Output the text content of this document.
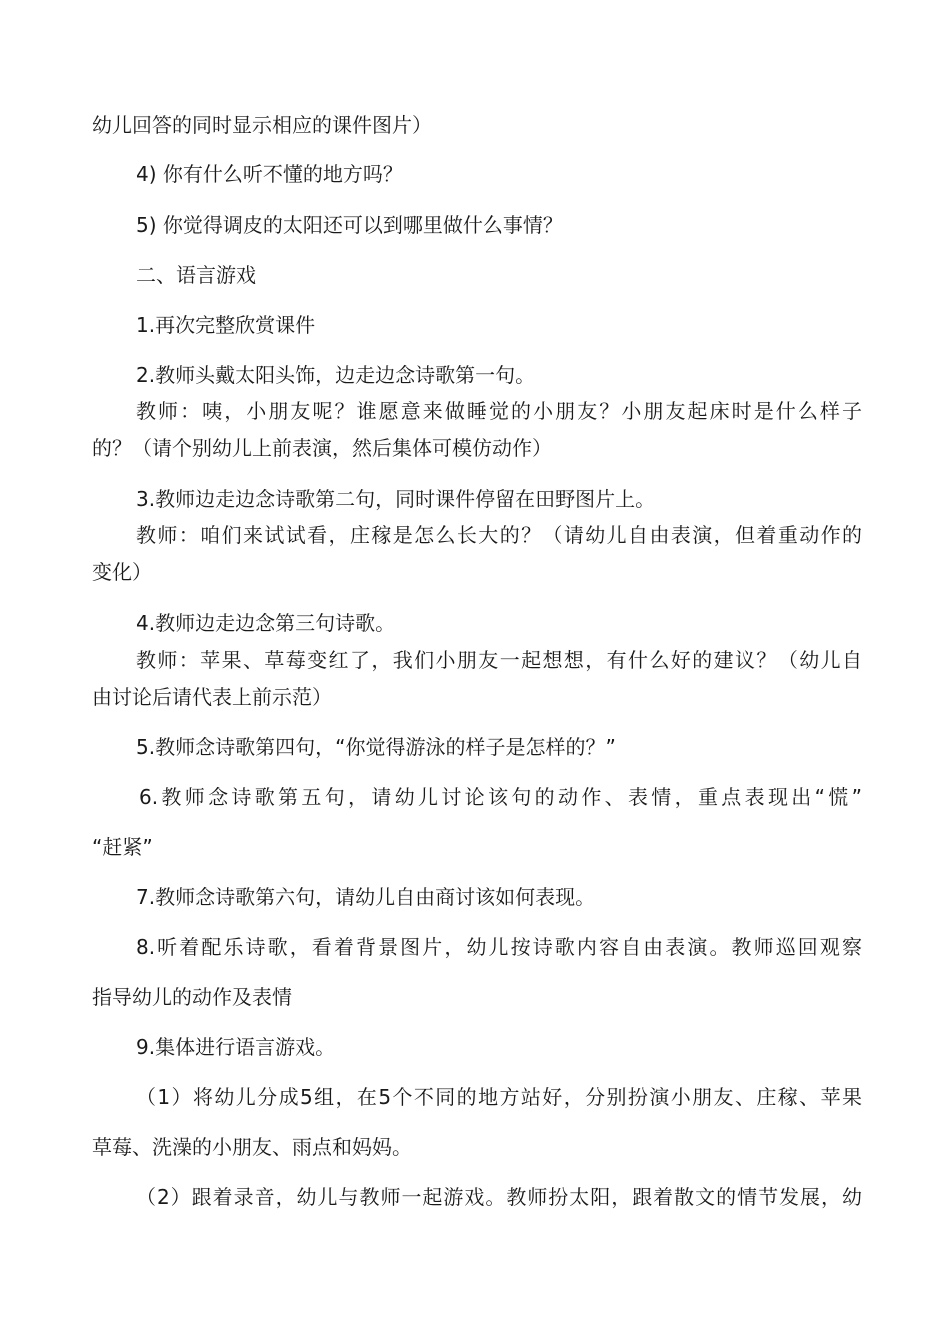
幼儿回答的同时显示相应的课件图片）
4) 你有什么听不懂的地方吗？
5) 你觉得调皮的太阳还可以到哪里做什么事情？
二、语言游戏
1.再次完整欣赏课件
2.教师头戴太阳头饰，边走边念诗歌第一句。
教师：咦，小朋友呢？谁愿意来做睡觉的小朋友？小朋友起床时是什么样子
的？（请个别幼儿上前表演，然后集体可模仿动作）
3.教师边走边念诗歌第二句，同时课件停留在田野图片上。
教师：咱们来试试看，庄稼是怎么长大的？（请幼儿自由表演，但着重动作的
变化）
4.教师边走边念第三句诗歌。
教师：苹果、草莓变红了，我们小朋友一起想想，有什么好的建议？（幼儿自
由讨论后请代表上前示范）
5.教师念诗歌第四句，“你觉得游泳的样子是怎样的？”
6.教师念诗歌第五句，请幼儿讨论该句的动作、表情，重点表现出“慌”
“赶紧”
7.教师念诗歌第六句，请幼儿自由商讨该如何表现。
8.听着配乐诗歌，看着背景图片，幼儿按诗歌内容自由表演。教师巡回观察
指导幼儿的动作及表情
9.集体进行语言游戏。
（1）将幼儿分成5组，在5个不同的地方站好，分别扮演小朋友、庄稼、苹果
草莓、洗澡的小朋友、雨点和妈妈。
（2）跟着录音，幼儿与教师一起游戏。教师扮太阳，跟着散文的情节发展，幼
